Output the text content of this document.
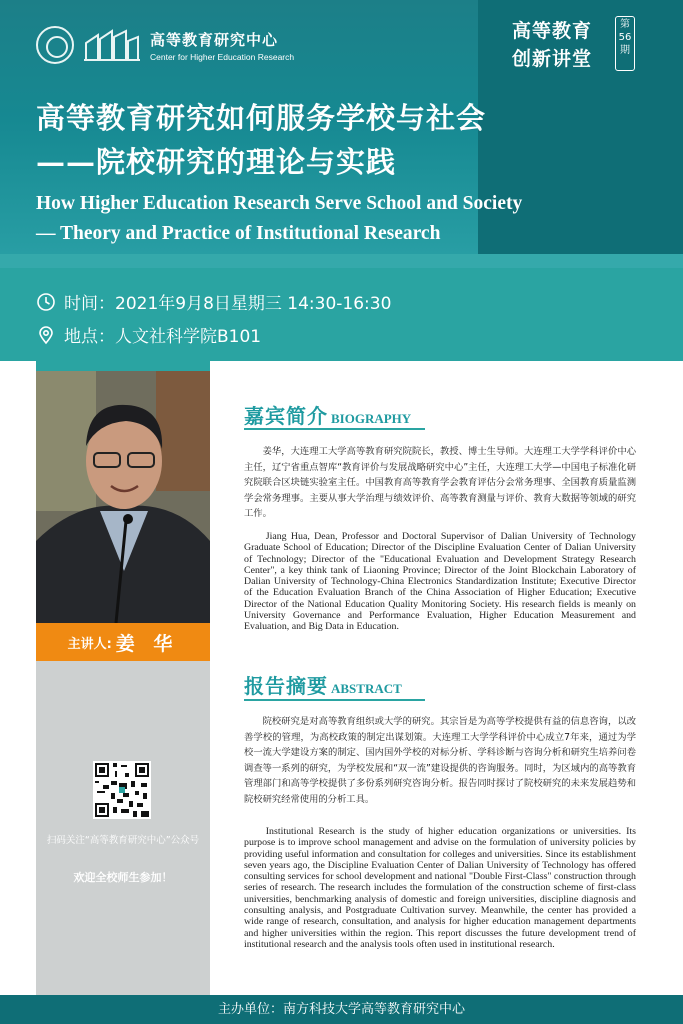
高等教育研究中心
Center for Higher Education Research
高等教育
创新讲堂
第
56
期
高等教育研究如何服务学校与社会
——院校研究的理论与实践
How Higher Education Research Serve School and Society
— Theory and Practice of Institutional Research
时间：2021年9月8日星期三 14:30-16:30
地点：人文社科学院B101
主讲人: 姜 华
扫码关注“高等教育研究中心”公众号
欢迎全校师生参加！
嘉宾简介 BIOGRAPHY

姜华，大连理工大学高等教育研究院院长，教授、博士生导师。大连理工大学学科评价中心主任，辽宁省重点智库“教育评价与发展战略研究中心”主任，大连理工大学—中国电子标准化研究院联合区块链实验室主任。中国教育高等教育学会教育评估分会常务理事、全国教育质量监测学会常务理事。主要从事大学治理与绩效评价、高等教育测量与评价、教育大数据等领域的研究工作。

Jiang Hua, Dean, Professor and Doctoral Supervisor of Dalian University of Technology Graduate School of Education; Director of the Discipline Evaluation Center of Dalian University of Technology; Director of the "Educational Evaluation and Development Strategy Research Center", a key think tank of Liaoning Province; Director of the Joint Blockchain Laboratory of Dalian University of Technology-China Electronics Standardization Institute; Executive Director of the Education Evaluation Branch of the China Association of Higher Education; Executive Director of the National Education Quality Monitoring Society. His research fields is meanly on University Governance and Performance Evaluation, Higher Education Measurement and Evaluation, and Big Data in Education.

报告摘要 ABSTRACT

院校研究是对高等教育组织或大学的研究。其宗旨是为高等学校提供有益的信息咨询，以改善学校的管理，为高校政策的制定出谋划策。大连理工大学学科评价中心成立7年来，通过为学校一流大学建设方案的制定、国内国外学校的对标分析、学科诊断与咨询分析和研究生培养问卷调查等一系列的研究，为学校发展和“双一流”建设提供的咨询服务。同时，为区域内的高等教育管理部门和高等学校提供了多份系列研究咨询分析。报告同时探讨了院校研究的未来发展趋势和院校研究经常使用的分析工具。

Institutional Research is the study of higher education organizations or universities. Its purpose is to improve school management and advise on the formulation of university policies by providing useful information and consultation for colleges and universities. Since its establishment seven years ago, the Discipline Evaluation Center of Dalian University of Technology has offered consulting services for school development and national "Double First-Class" construction through series of research. The research includes the formulation of the construction scheme of first-class universities, benchmarking analysis of domestic and foreign universities, discipline diagnosis and consulting analysis, and Postgraduate Cultivation survey. Meanwhile, the center has provided a wide range of research, consultation, and analysis for higher education management departments and higher universities within the region. This report discusses the future development trend of institutional research and the analysis tools often used in institutional research.

主办单位：南方科技大学高等教育研究中心
